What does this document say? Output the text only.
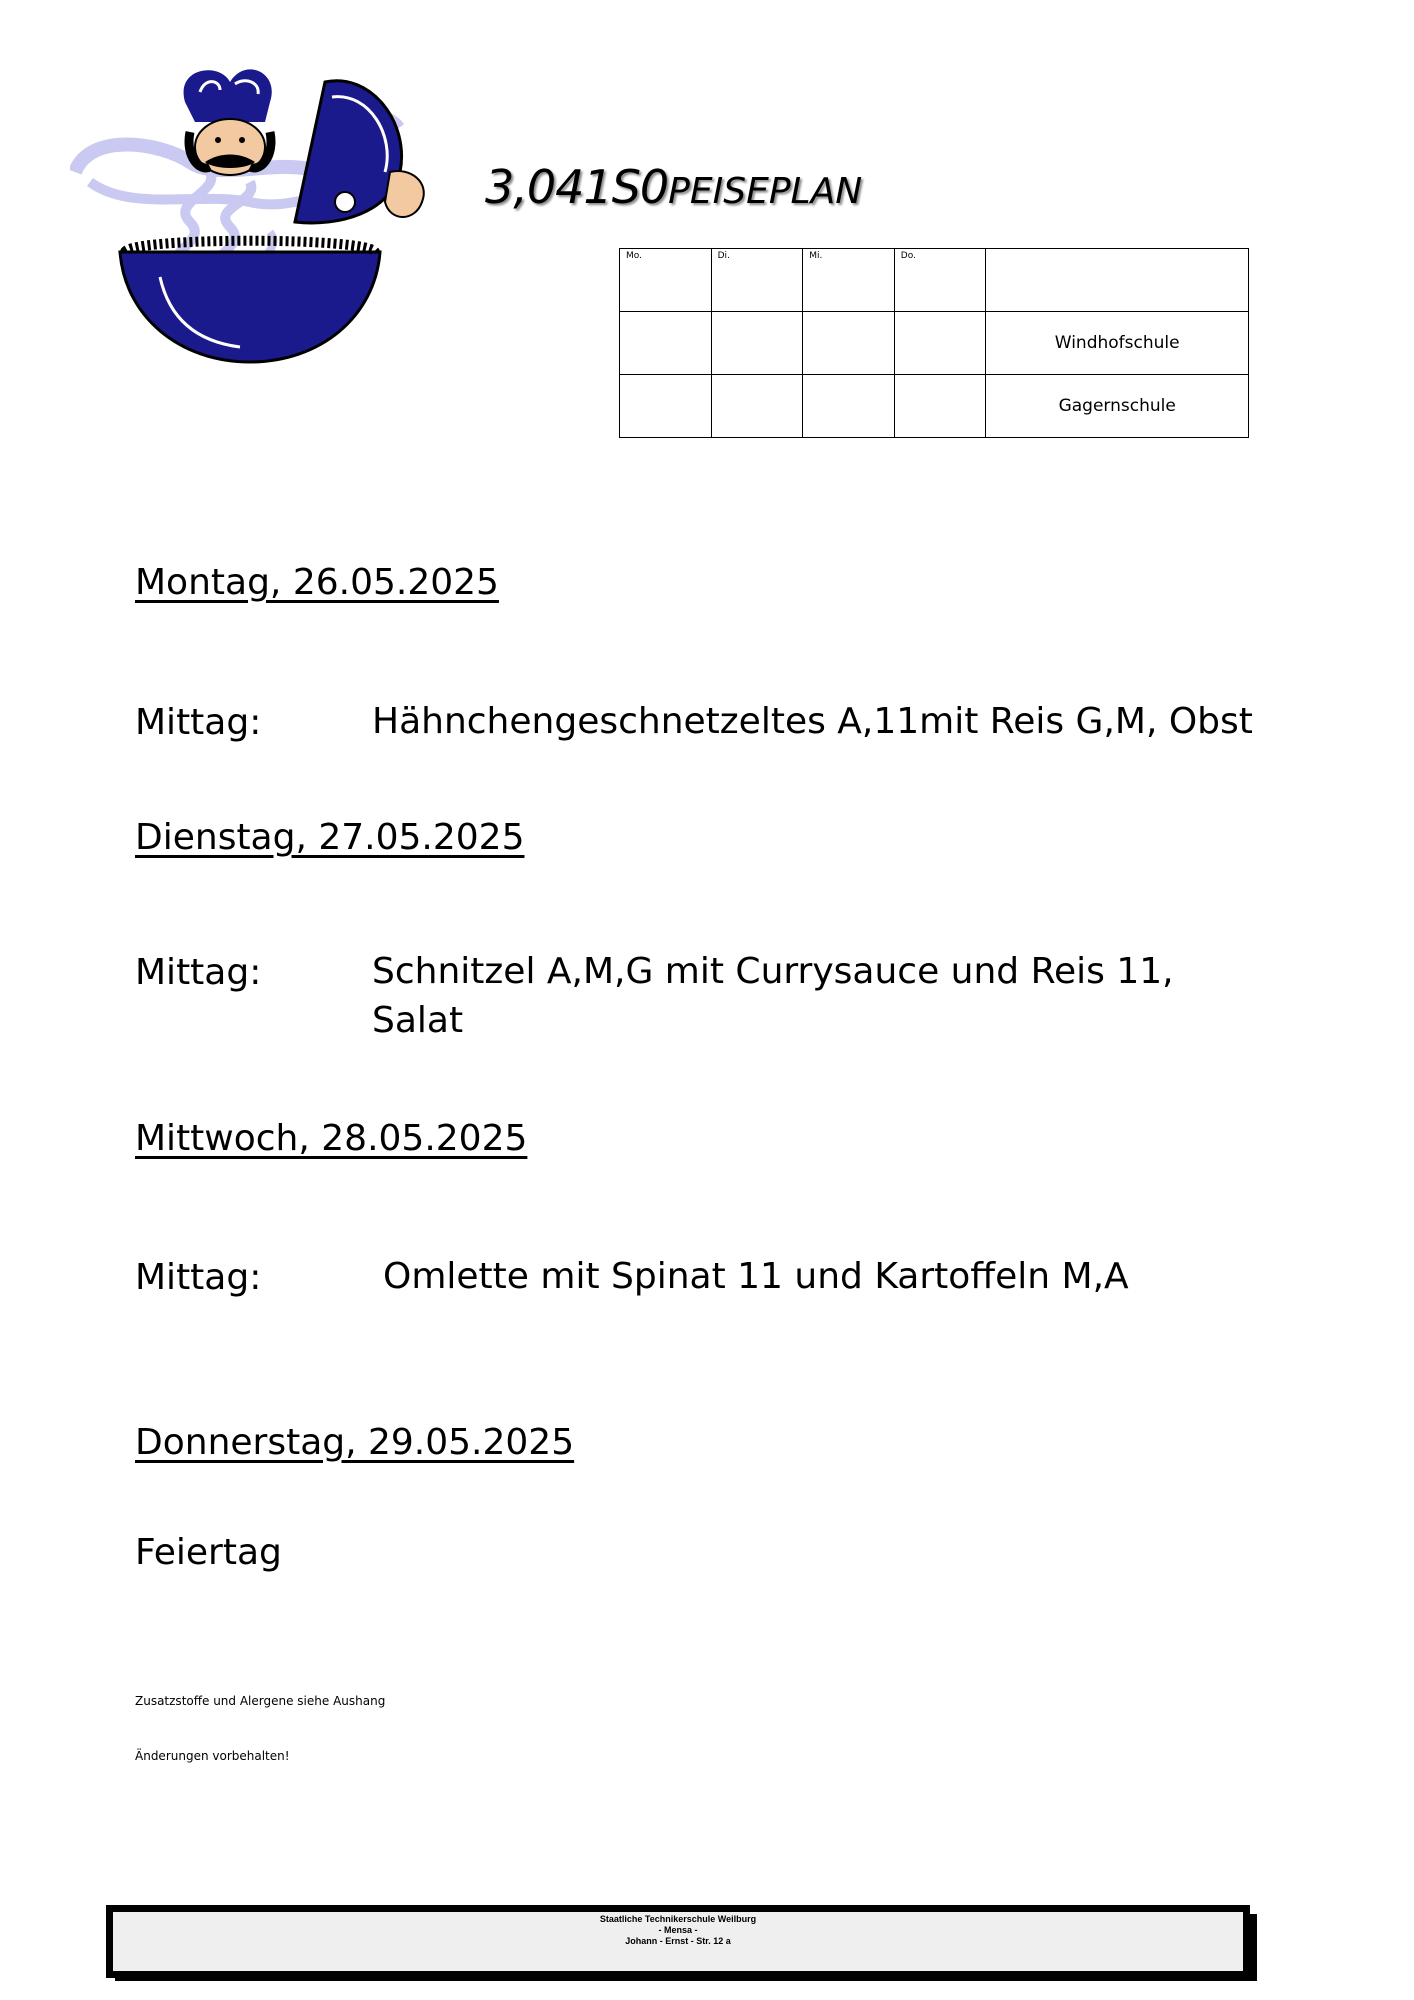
3,041S0PEISEPLAN
Mo.	Di.	Mi.	Do.	
				Windhofschule
				Gagernschule
Montag, 26.05.2025
Mittag:	Hähnchengeschnetzeltes A,11mit Reis G,M, Obst
Dienstag, 27.05.2025
Mittag:	Schnitzel A,M,G mit Currysauce und Reis 11,
Salat
Mittwoch, 28.05.2025
Mittag:	Omlette mit Spinat 11 und Kartoffeln M,A
Donnerstag, 29.05.2025
Feiertag
Zusatzstoffe und Alergene siehe Aushang
Änderungen vorbehalten!
Staatliche Technikerschule Weilburg
- Mensa -
Johann - Ernst - Str. 12 a
